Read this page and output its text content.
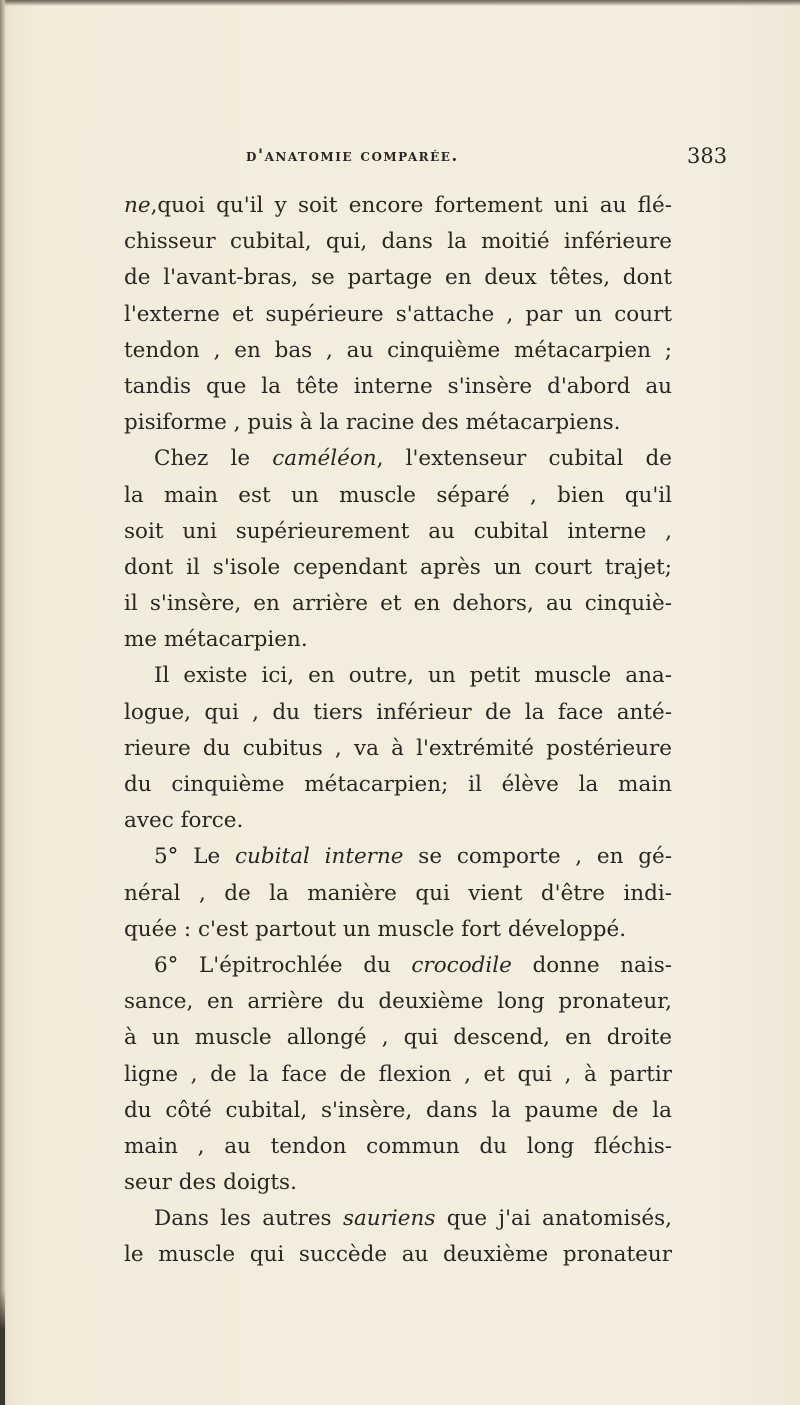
d'anatomie comparée.	383
ne,quoi qu'il y soit encore fortement uni au flé-
chisseur cubital, qui, dans la moitié inférieure
de l'avant-bras, se partage en deux têtes, dont
l'externe et supérieure s'attache , par un court
tendon , en bas , au cinquième métacarpien ;
tandis que la tête interne s'insère d'abord au
pisiforme , puis à la racine des métacarpiens.
Chez le caméléon, l'extenseur cubital de
la main est un muscle séparé , bien qu'il
soit uni supérieurement au cubital interne ,
dont il s'isole cependant après un court trajet;
il s'insère, en arrière et en dehors, au cinquiè-
me métacarpien.
Il existe ici, en outre, un petit muscle ana-
logue, qui , du tiers inférieur de la face anté-
rieure du cubitus , va à l'extrémité postérieure
du cinquième métacarpien; il élève la main
avec force.
5° Le cubital interne se comporte , en gé-
néral , de la manière qui vient d'être indi-
quée : c'est partout un muscle fort développé.
6° L'épitrochlée du crocodile donne nais-
sance, en arrière du deuxième long pronateur,
à un muscle allongé , qui descend, en droite
ligne , de la face de flexion , et qui , à partir
du côté cubital, s'insère, dans la paume de la
main , au tendon commun du long fléchis-
seur des doigts.
Dans les autres sauriens que j'ai anatomisés,
le muscle qui succède au deuxième pronateur
